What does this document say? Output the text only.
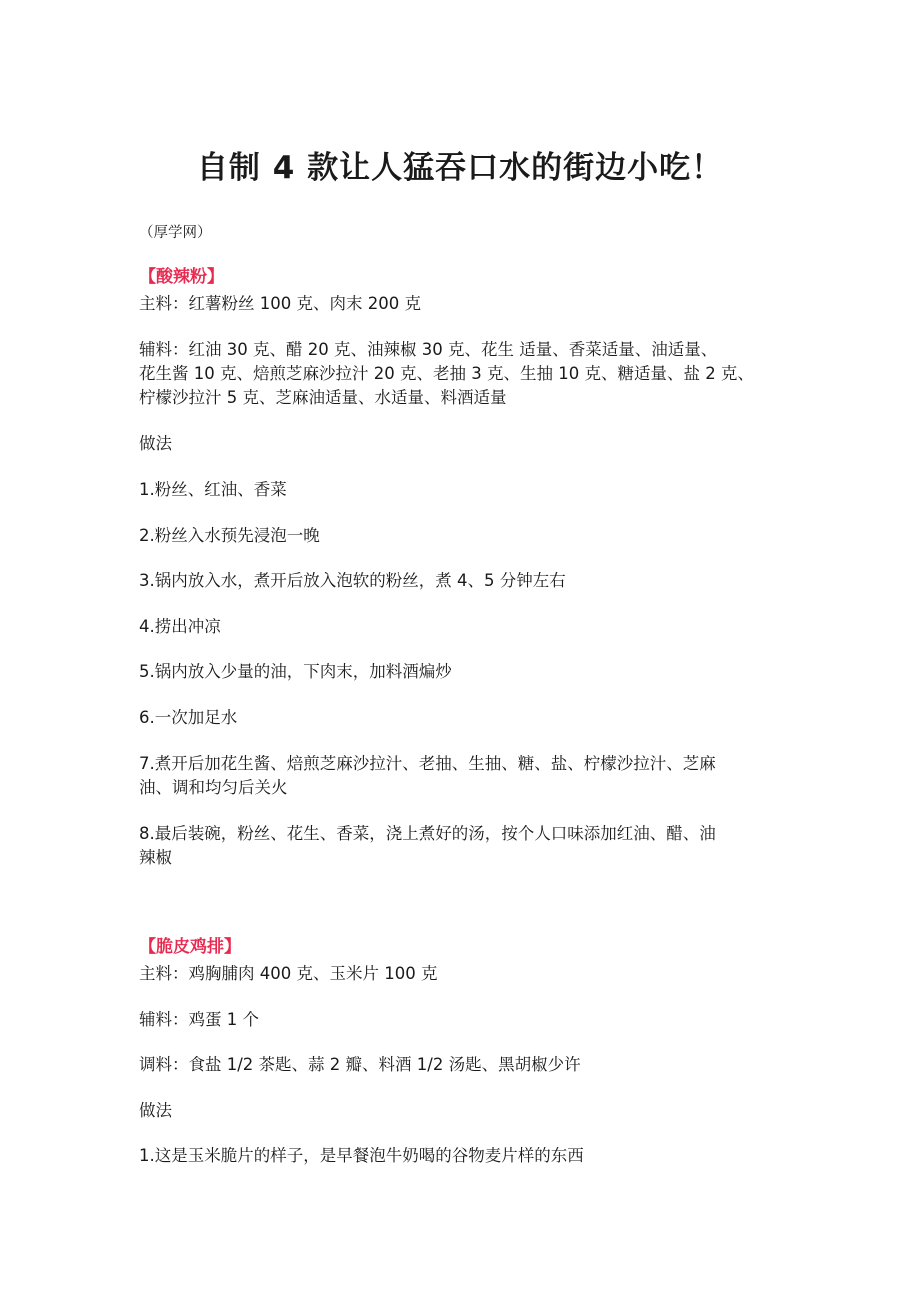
自制 4 款让人猛吞口水的街边小吃！

（厚学网）

【酸辣粉】

主料：红薯粉丝 100 克、肉末 200 克

辅料：红油 30 克、醋 20 克、油辣椒 30 克、花生 适量、香菜适量、油适量、

花生酱 10 克、焙煎芝麻沙拉汁 20 克、老抽 3 克、生抽 10 克、糖适量、盐 2 克、

柠檬沙拉汁 5 克、芝麻油适量、水适量、料酒适量

做法

1.粉丝、红油、香菜

2.粉丝入水预先浸泡一晚

3.锅内放入水，煮开后放入泡软的粉丝，煮 4、5 分钟左右

4.捞出冲凉

5.锅内放入少量的油，下肉末，加料酒煸炒

6.一次加足水

7.煮开后加花生酱、焙煎芝麻沙拉汁、老抽、生抽、糖、盐、柠檬沙拉汁、芝麻

油、调和均匀后关火

8.最后装碗，粉丝、花生、香菜，浇上煮好的汤，按个人口味添加红油、醋、油

辣椒

【脆皮鸡排】

主料：鸡胸脯肉 400 克、玉米片 100 克

辅料：鸡蛋 1 个

调料：食盐 1/2 茶匙、蒜 2 瓣、料酒 1/2 汤匙、黑胡椒少许

做法

1.这是玉米脆片的样子，是早餐泡牛奶喝的谷物麦片样的东西
